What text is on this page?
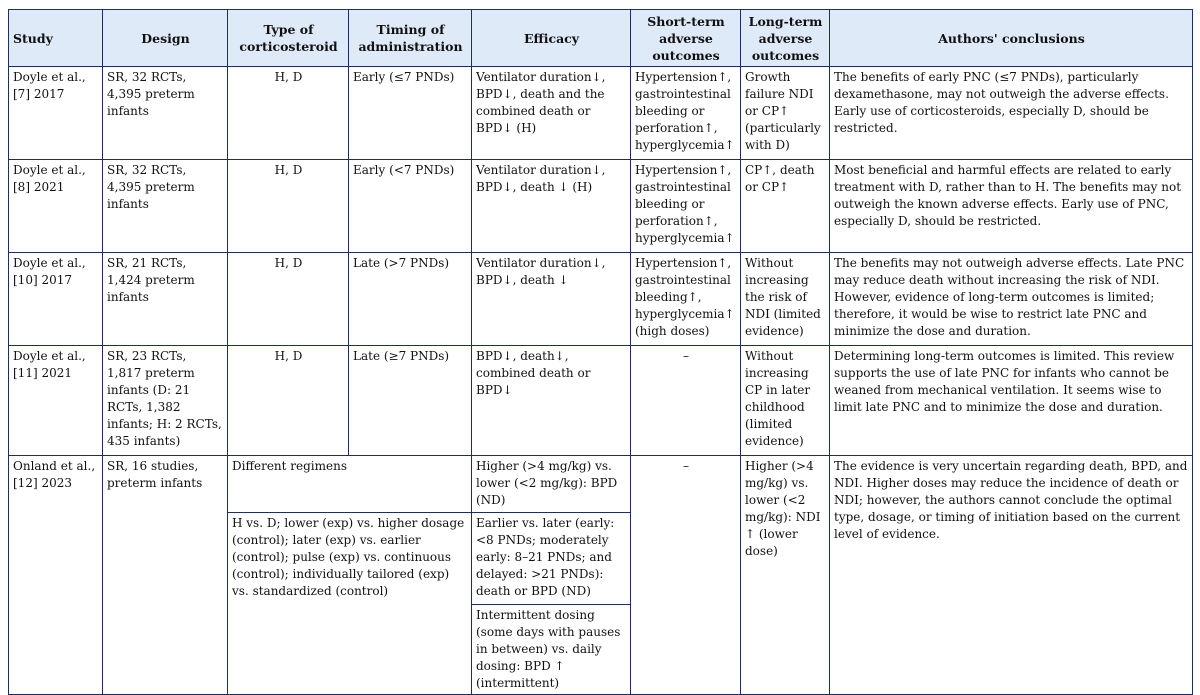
Study	Design	Type of corticosteroid	Timing of administration	Efficacy	Short-term adverse outcomes	Long-term adverse outcomes	Authors' conclusions
Doyle et al., [7] 2017	SR, 32 RCTs, 4,395 preterm infants	H, D	Early (≤7 PNDs)	Ventilator duration↓, BPD↓, death and the combined death or BPD↓ (H)	Hypertension↑, gastrointestinal bleeding or perforation↑, hyperglycemia↑	Growth failure NDI or CP↑ (particularly with D)	The benefits of early PNC (≤7 PNDs), particularly dexamethasone, may not outweigh the adverse effects. Early use of corticosteroids, especially D, should be restricted.
Doyle et al., [8] 2021	SR, 32 RCTs, 4,395 preterm infants	H, D	Early (<7 PNDs)	Ventilator duration↓, BPD↓, death ↓ (H)	Hypertension↑, gastrointestinal bleeding or perforation↑, hyperglycemia↑	CP↑, death or CP↑	Most beneficial and harmful effects are related to early treatment with D, rather than to H. The benefits may not outweigh the known adverse effects. Early use of PNC, especially D, should be restricted.
Doyle et al., [10] 2017	SR, 21 RCTs, 1,424 preterm infants	H, D	Late (>7 PNDs)	Ventilator duration↓, BPD↓, death ↓	Hypertension↑, gastrointestinal bleeding↑, hyperglycemia↑ (high doses)	Without increasing the risk of NDI (limited evidence)	The benefits may not outweigh adverse effects. Late PNC may reduce death without increasing the risk of NDI. However, evidence of long-term outcomes is limited; therefore, it would be wise to restrict late PNC and minimize the dose and duration.
Doyle et al., [11] 2021	SR, 23 RCTs, 1,817 preterm infants (D: 21 RCTs, 1,382 infants; H: 2 RCTs, 435 infants)	H, D	Late (≥7 PNDs)	BPD↓, death↓, combined death or BPD↓	–	Without increasing CP in later childhood (limited evidence)	Determining long-term outcomes is limited. This review supports the use of late PNC for infants who cannot be weaned from mechanical ventilation. It seems wise to limit late PNC and to minimize the dose and duration.
Onland et al., [12] 2023	SR, 16 studies, preterm infants	Different regimens		Higher (>4 mg/kg) vs. lower (<2 mg/kg): BPD (ND)	–	Higher (>4 mg/kg) vs. lower (<2 mg/kg): NDI ↑ (lower dose)	The evidence is very uncertain regarding death, BPD, and NDI. Higher doses may reduce the incidence of death or NDI; however, the authors cannot conclude the optimal type, dosage, or timing of initiation based on the current level of evidence.
		H vs. D; lower (exp) vs. higher dosage (control); later (exp) vs. earlier (control); pulse (exp) vs. continuous (control); individually tailored (exp) vs. standardized (control)		Earlier vs. later (early: <8 PNDs; moderately early: 8–21 PNDs; and delayed: >21 PNDs): death or BPD (ND)			
				Intermittent dosing (some days with pauses in between) vs. daily dosing: BPD ↑ (intermittent)			
